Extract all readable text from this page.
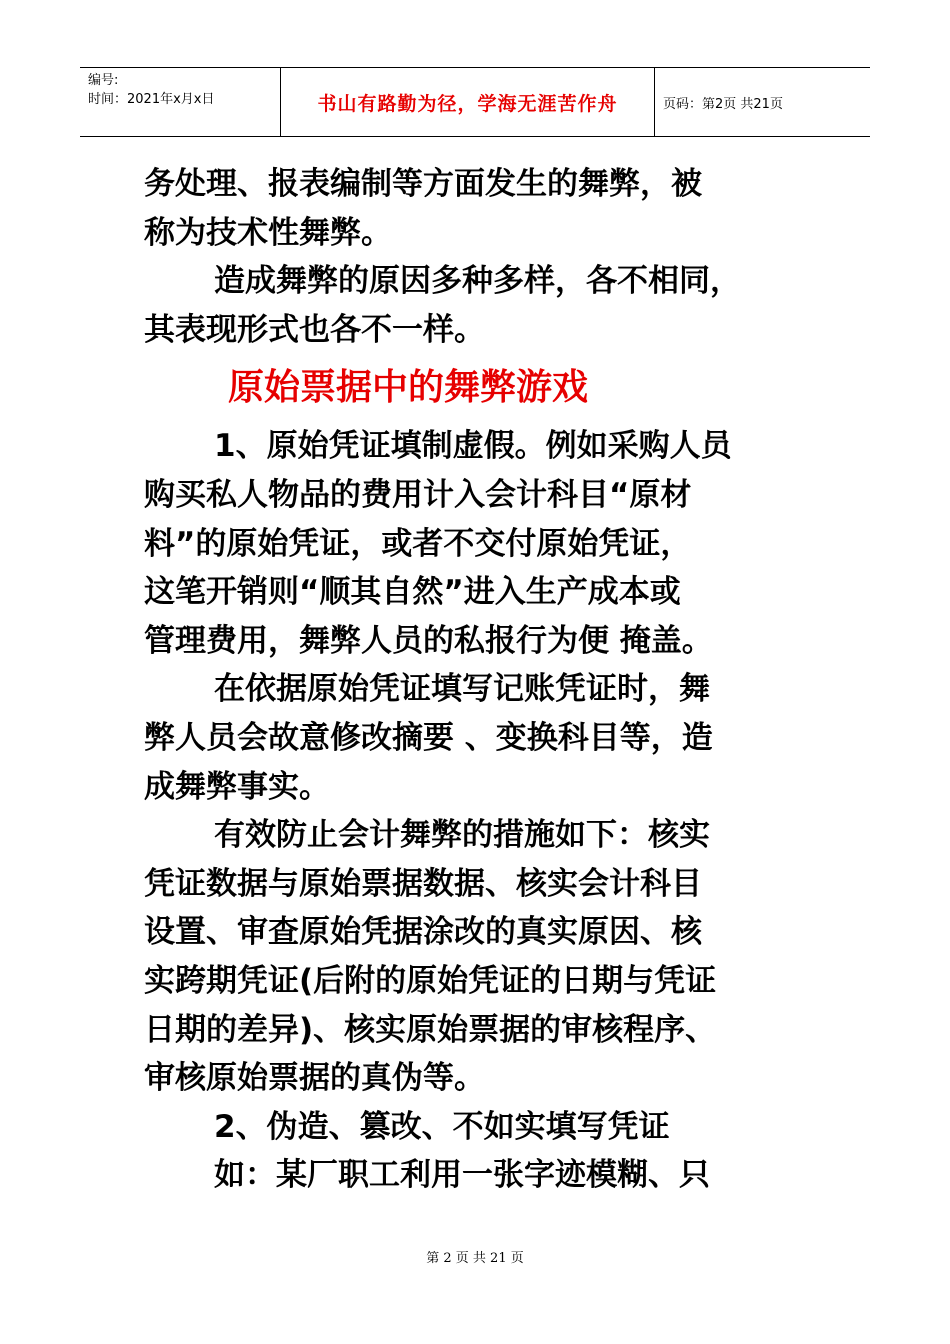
编号:
时间：2021年x月x日	书山有路勤为径，学海无涯苦作舟	页码：第2页 共21页
务处理、报表编制等方面发生的舞弊，被
称为技术性舞弊。
造成舞弊的原因多种多样，各不相同，
其表现形式也各不一样。
原始票据中的舞弊游戏
1、原始凭证填制虚假。例如采购人员
购买私人物品的费用计入会计科目“原材
料”的原始凭证，或者不交付原始凭证，
这笔开销则“顺其自然”进入生产成本或
管理费用，舞弊人员的私报行为便 掩盖。
在依据原始凭证填写记账凭证时，舞
弊人员会故意修改摘要 、变换科目等，造
成舞弊事实。
有效防止会计舞弊的措施如下：核实
凭证数据与原始票据数据、核实会计科目
设置、审查原始凭据涂改的真实原因、核
实跨期凭证(后附的原始凭证的日期与凭证
日期的差异)、核实原始票据的审核程序、
审核原始票据的真伪等。
2、伪造、篡改、不如实填写凭证
如：某厂职工利用一张字迹模糊、只
第 2 页 共 21 页
